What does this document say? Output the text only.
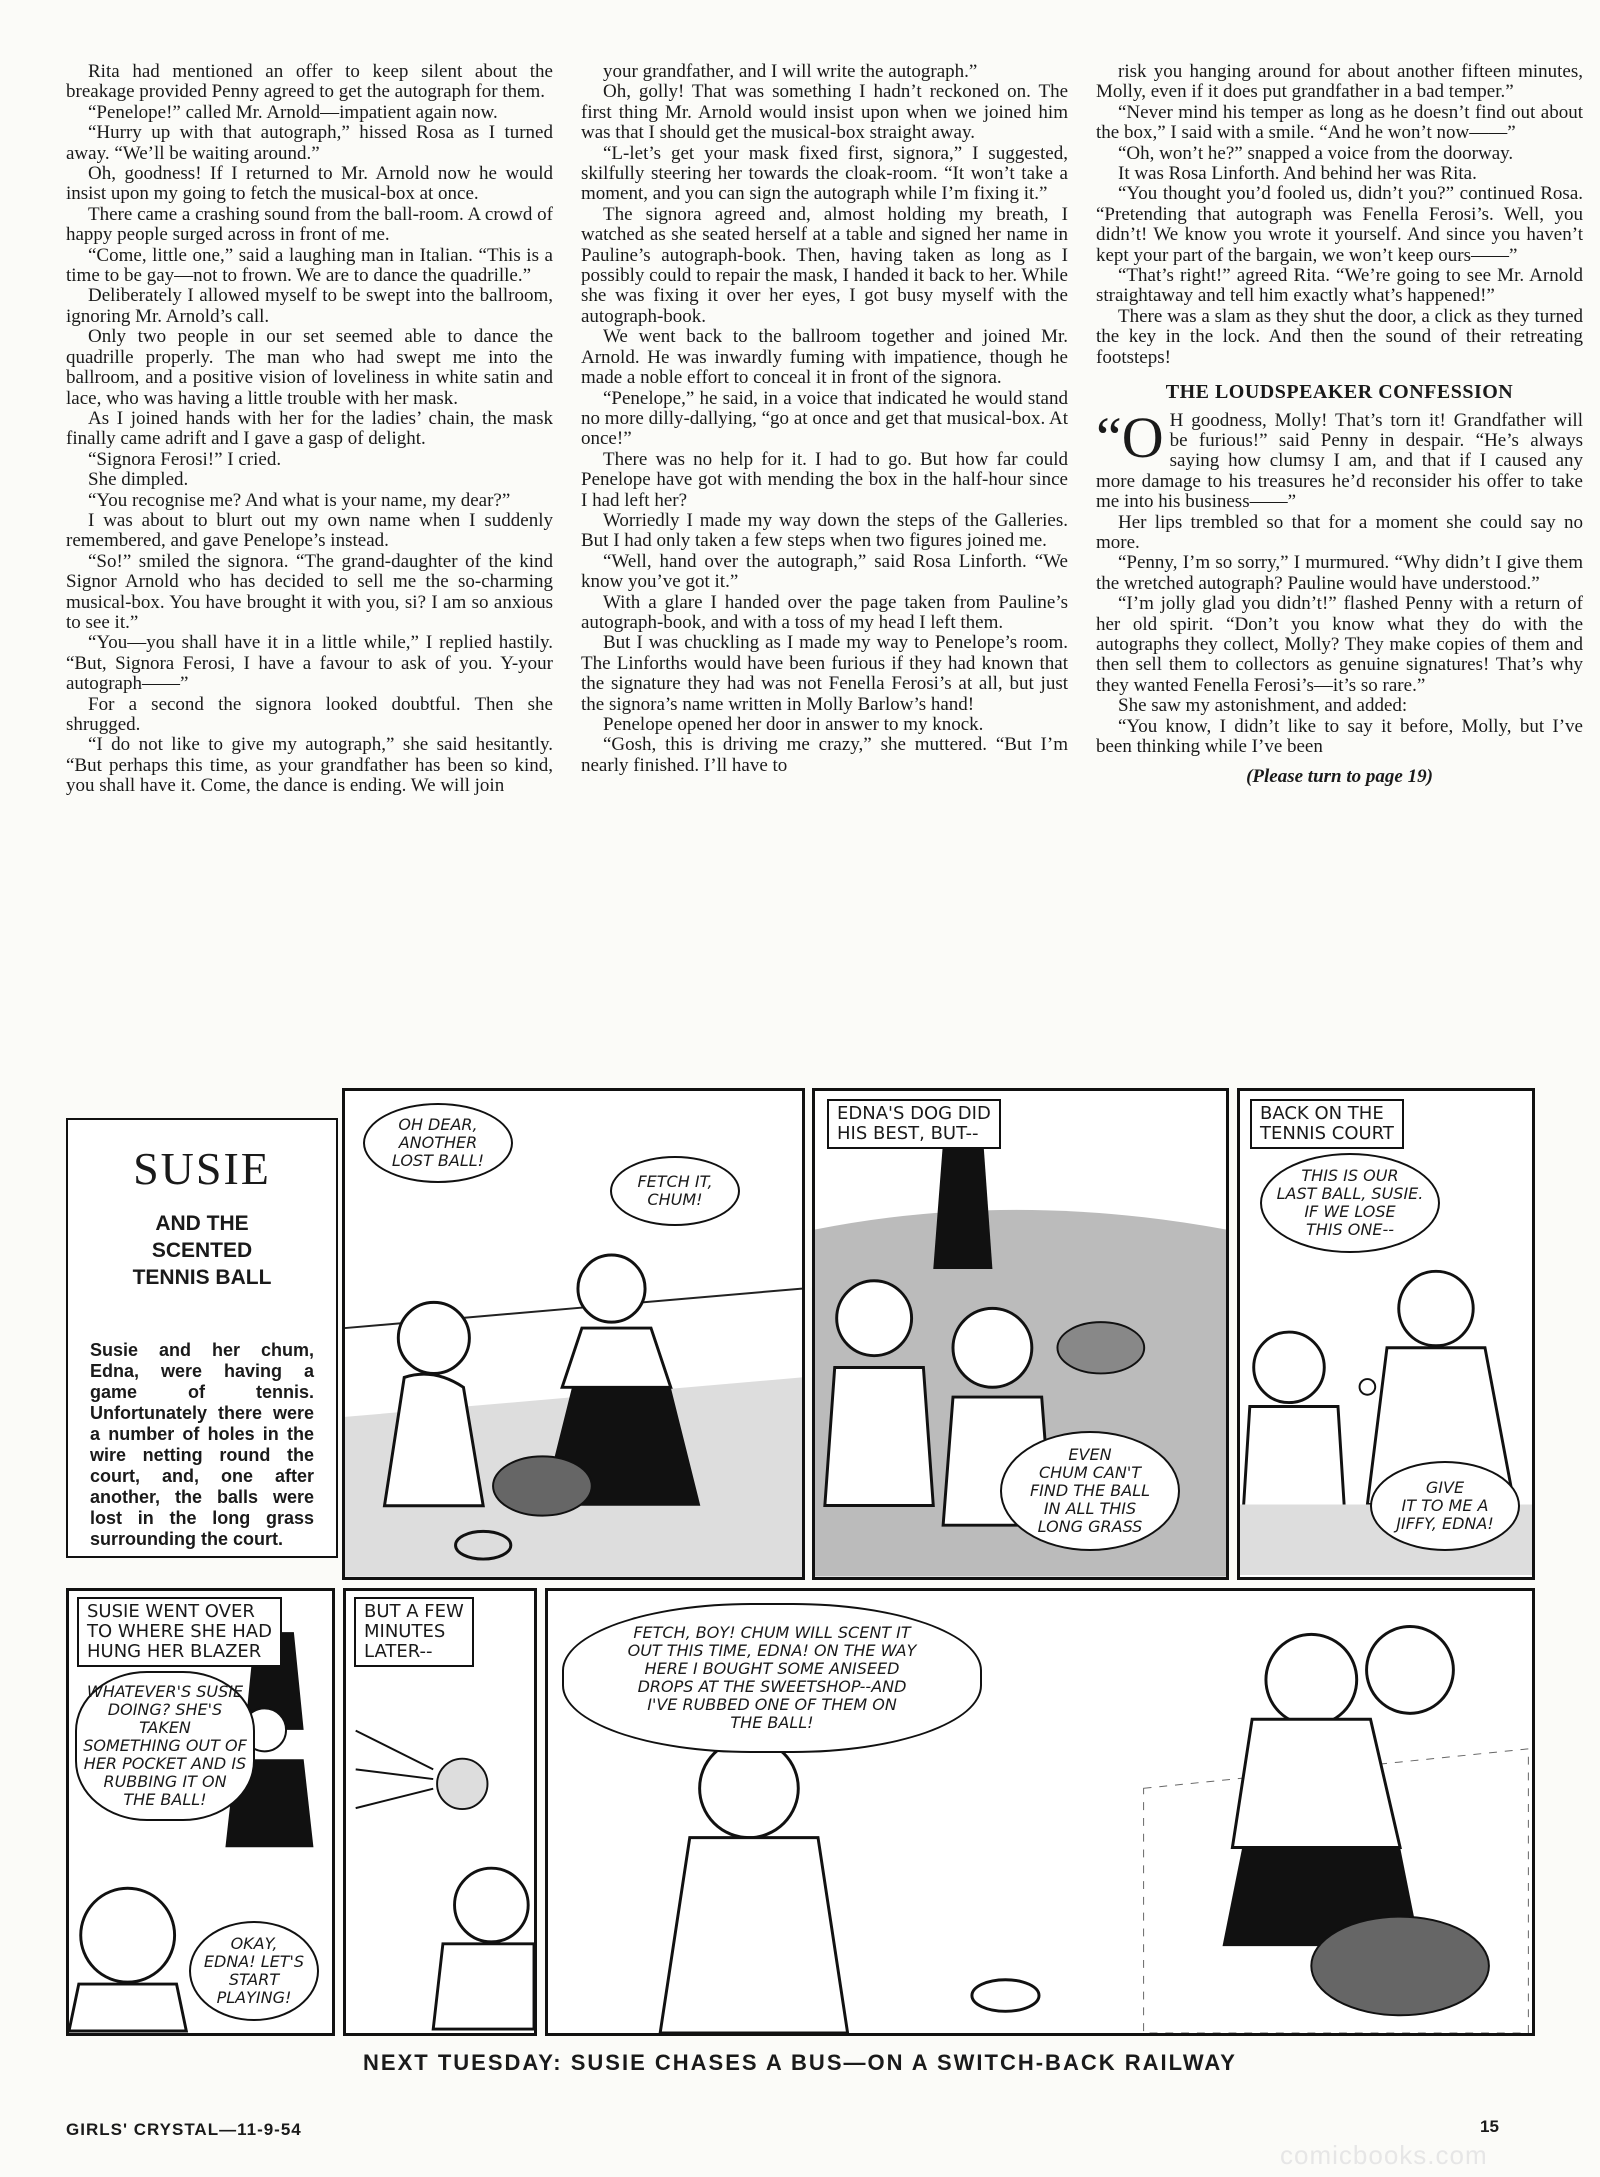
Rita had mentioned an offer to keep silent about the breakage provided Penny agreed to get the autograph for them.

“Penelope!” called Mr. Arnold—impatient again now.

“Hurry up with that autograph,” hissed Rosa as I turned away. “We’ll be waiting around.”

Oh, goodness! If I returned to Mr. Arnold now he would insist upon my going to fetch the musical-box at once.

There came a crashing sound from the ball-room. A crowd of happy people surged across in front of me.

“Come, little one,” said a laughing man in Italian. “This is a time to be gay—not to frown. We are to dance the quadrille.”

Deliberately I allowed myself to be swept into the ballroom, ignoring Mr. Arnold’s call.

Only two people in our set seemed able to dance the quadrille properly. The man who had swept me into the ballroom, and a positive vision of loveliness in white satin and lace, who was having a little trouble with her mask.

As I joined hands with her for the ladies’ chain, the mask finally came adrift and I gave a gasp of delight.

“Signora Ferosi!” I cried.

She dimpled.

“You recognise me? And what is your name, my dear?”

I was about to blurt out my own name when I suddenly remembered, and gave Penelope’s instead.

“So!” smiled the signora. “The grand-daughter of the kind Signor Arnold who has decided to sell me the so-charming musical-box. You have brought it with you, si? I am so anxious to see it.”

“You—you shall have it in a little while,” I replied hastily. “But, Signora Ferosi, I have a favour to ask of you. Y-your autograph——”

For a second the signora looked doubtful. Then she shrugged.

“I do not like to give my autograph,” she said hesitantly. “But perhaps this time, as your grandfather has been so kind, you shall have it. Come, the dance is ending. We will join

your grandfather, and I will write the autograph.”

Oh, golly! That was something I hadn’t reckoned on. The first thing Mr. Arnold would insist upon when we joined him was that I should get the musical-box straight away.

“L-let’s get your mask fixed first, signora,” I suggested, skilfully steering her towards the cloak-room. “It won’t take a moment, and you can sign the autograph while I’m fixing it.”

The signora agreed and, almost holding my breath, I watched as she seated herself at a table and signed her name in Pauline’s autograph-book. Then, having taken as long as I possibly could to repair the mask, I handed it back to her. While she was fixing it over her eyes, I got busy myself with the autograph-book.

We went back to the ballroom together and joined Mr. Arnold. He was inwardly fuming with impatience, though he made a noble effort to conceal it in front of the signora.

“Penelope,” he said, in a voice that indicated he would stand no more dilly-dallying, “go at once and get that musical-box. At once!”

There was no help for it. I had to go. But how far could Penelope have got with mending the box in the half-hour since I had left her?

Worriedly I made my way down the steps of the Galleries. But I had only taken a few steps when two figures joined me.

“Well, hand over the autograph,” said Rosa Linforth. “We know you’ve got it.”

With a glare I handed over the page taken from Pauline’s autograph-book, and with a toss of my head I left them.

But I was chuckling as I made my way to Penelope’s room. The Linforths would have been furious if they had known that the signature they had was not Fenella Ferosi’s at all, but just the signora’s name written in Molly Barlow’s hand!

Penelope opened her door in answer to my knock.

“Gosh, this is driving me crazy,” she muttered. “But I’m nearly finished. I’ll have to

risk you hanging around for about another fifteen minutes, Molly, even if it does put grandfather in a bad temper.”

“Never mind his temper as long as he doesn’t find out about the box,” I said with a smile. “And he won’t now——”

“Oh, won’t he?” snapped a voice from the doorway.

It was Rosa Linforth. And behind her was Rita.

“You thought you’d fooled us, didn’t you?” continued Rosa. “Pretending that autograph was Fenella Ferosi’s. Well, you didn’t! We know you wrote it yourself. And since you haven’t kept your part of the bargain, we won’t keep ours——”

“That’s right!” agreed Rita. “We’re going to see Mr. Arnold straightaway and tell him exactly what’s happened!”

There was a slam as they shut the door, a click as they turned the key in the lock. And then the sound of their retreating footsteps!

THE LOUDSPEAKER CONFESSION

“O H goodness, Molly! That’s torn it! Grandfather will be furious!” said Penny in despair. “He’s always saying how clumsy I am, and that if I caused any more damage to his treasures he’d reconsider his offer to take me into his business——”

Her lips trembled so that for a moment she could say no more.

“Penny, I’m so sorry,” I murmured. “Why didn’t I give them the wretched autograph? Pauline would have understood.”

“I’m jolly glad you didn’t!” flashed Penny with a return of her old spirit. “Don’t you know what they do with the autographs they collect, Molly? They make copies of them and then sell them to collectors as genuine signatures! That’s why they wanted Fenella Ferosi’s—it’s so rare.”

She saw my astonishment, and added:

“You know, I didn’t like to say it before, Molly, but I’ve been thinking while I’ve been

(Please turn to page 19)
SUSIE
AND THE
SCENTED
TENNIS BALL
Susie and her chum, Edna, were having a game of tennis. Unfortunately there were a number of holes in the wire netting round the court, and, one after another, the balls were lost in the long grass surrounding the court.
OH DEAR,
ANOTHER
LOST BALL!
FETCH IT,
CHUM!
EDNA'S DOG DID
HIS BEST, BUT--
EVEN
CHUM CAN'T
FIND THE BALL
IN ALL THIS
LONG GRASS
BACK ON THE
TENNIS COURT
THIS IS OUR
LAST BALL, SUSIE.
IF WE LOSE
THIS ONE--
GIVE
IT TO ME A
JIFFY, EDNA!
SUSIE WENT OVER
TO WHERE SHE HAD
HUNG HER BLAZER
WHATEVER'S SUSIE
DOING? SHE'S TAKEN
SOMETHING OUT OF
HER POCKET AND IS
RUBBING IT ON
THE BALL!
OKAY,
EDNA! LET'S
START
PLAYING!
BUT A FEW
MINUTES
LATER--
FETCH, BOY! CHUM WILL SCENT IT
OUT THIS TIME, EDNA! ON THE WAY
HERE I BOUGHT SOME ANISEED
DROPS AT THE SWEETSHOP--AND
I'VE RUBBED ONE OF THEM ON
THE BALL!
NEXT TUESDAY: SUSIE CHASES A BUS—ON A SWITCH-BACK RAILWAY
GIRLS' CRYSTAL—11-9-54	15
comicbooks.com
